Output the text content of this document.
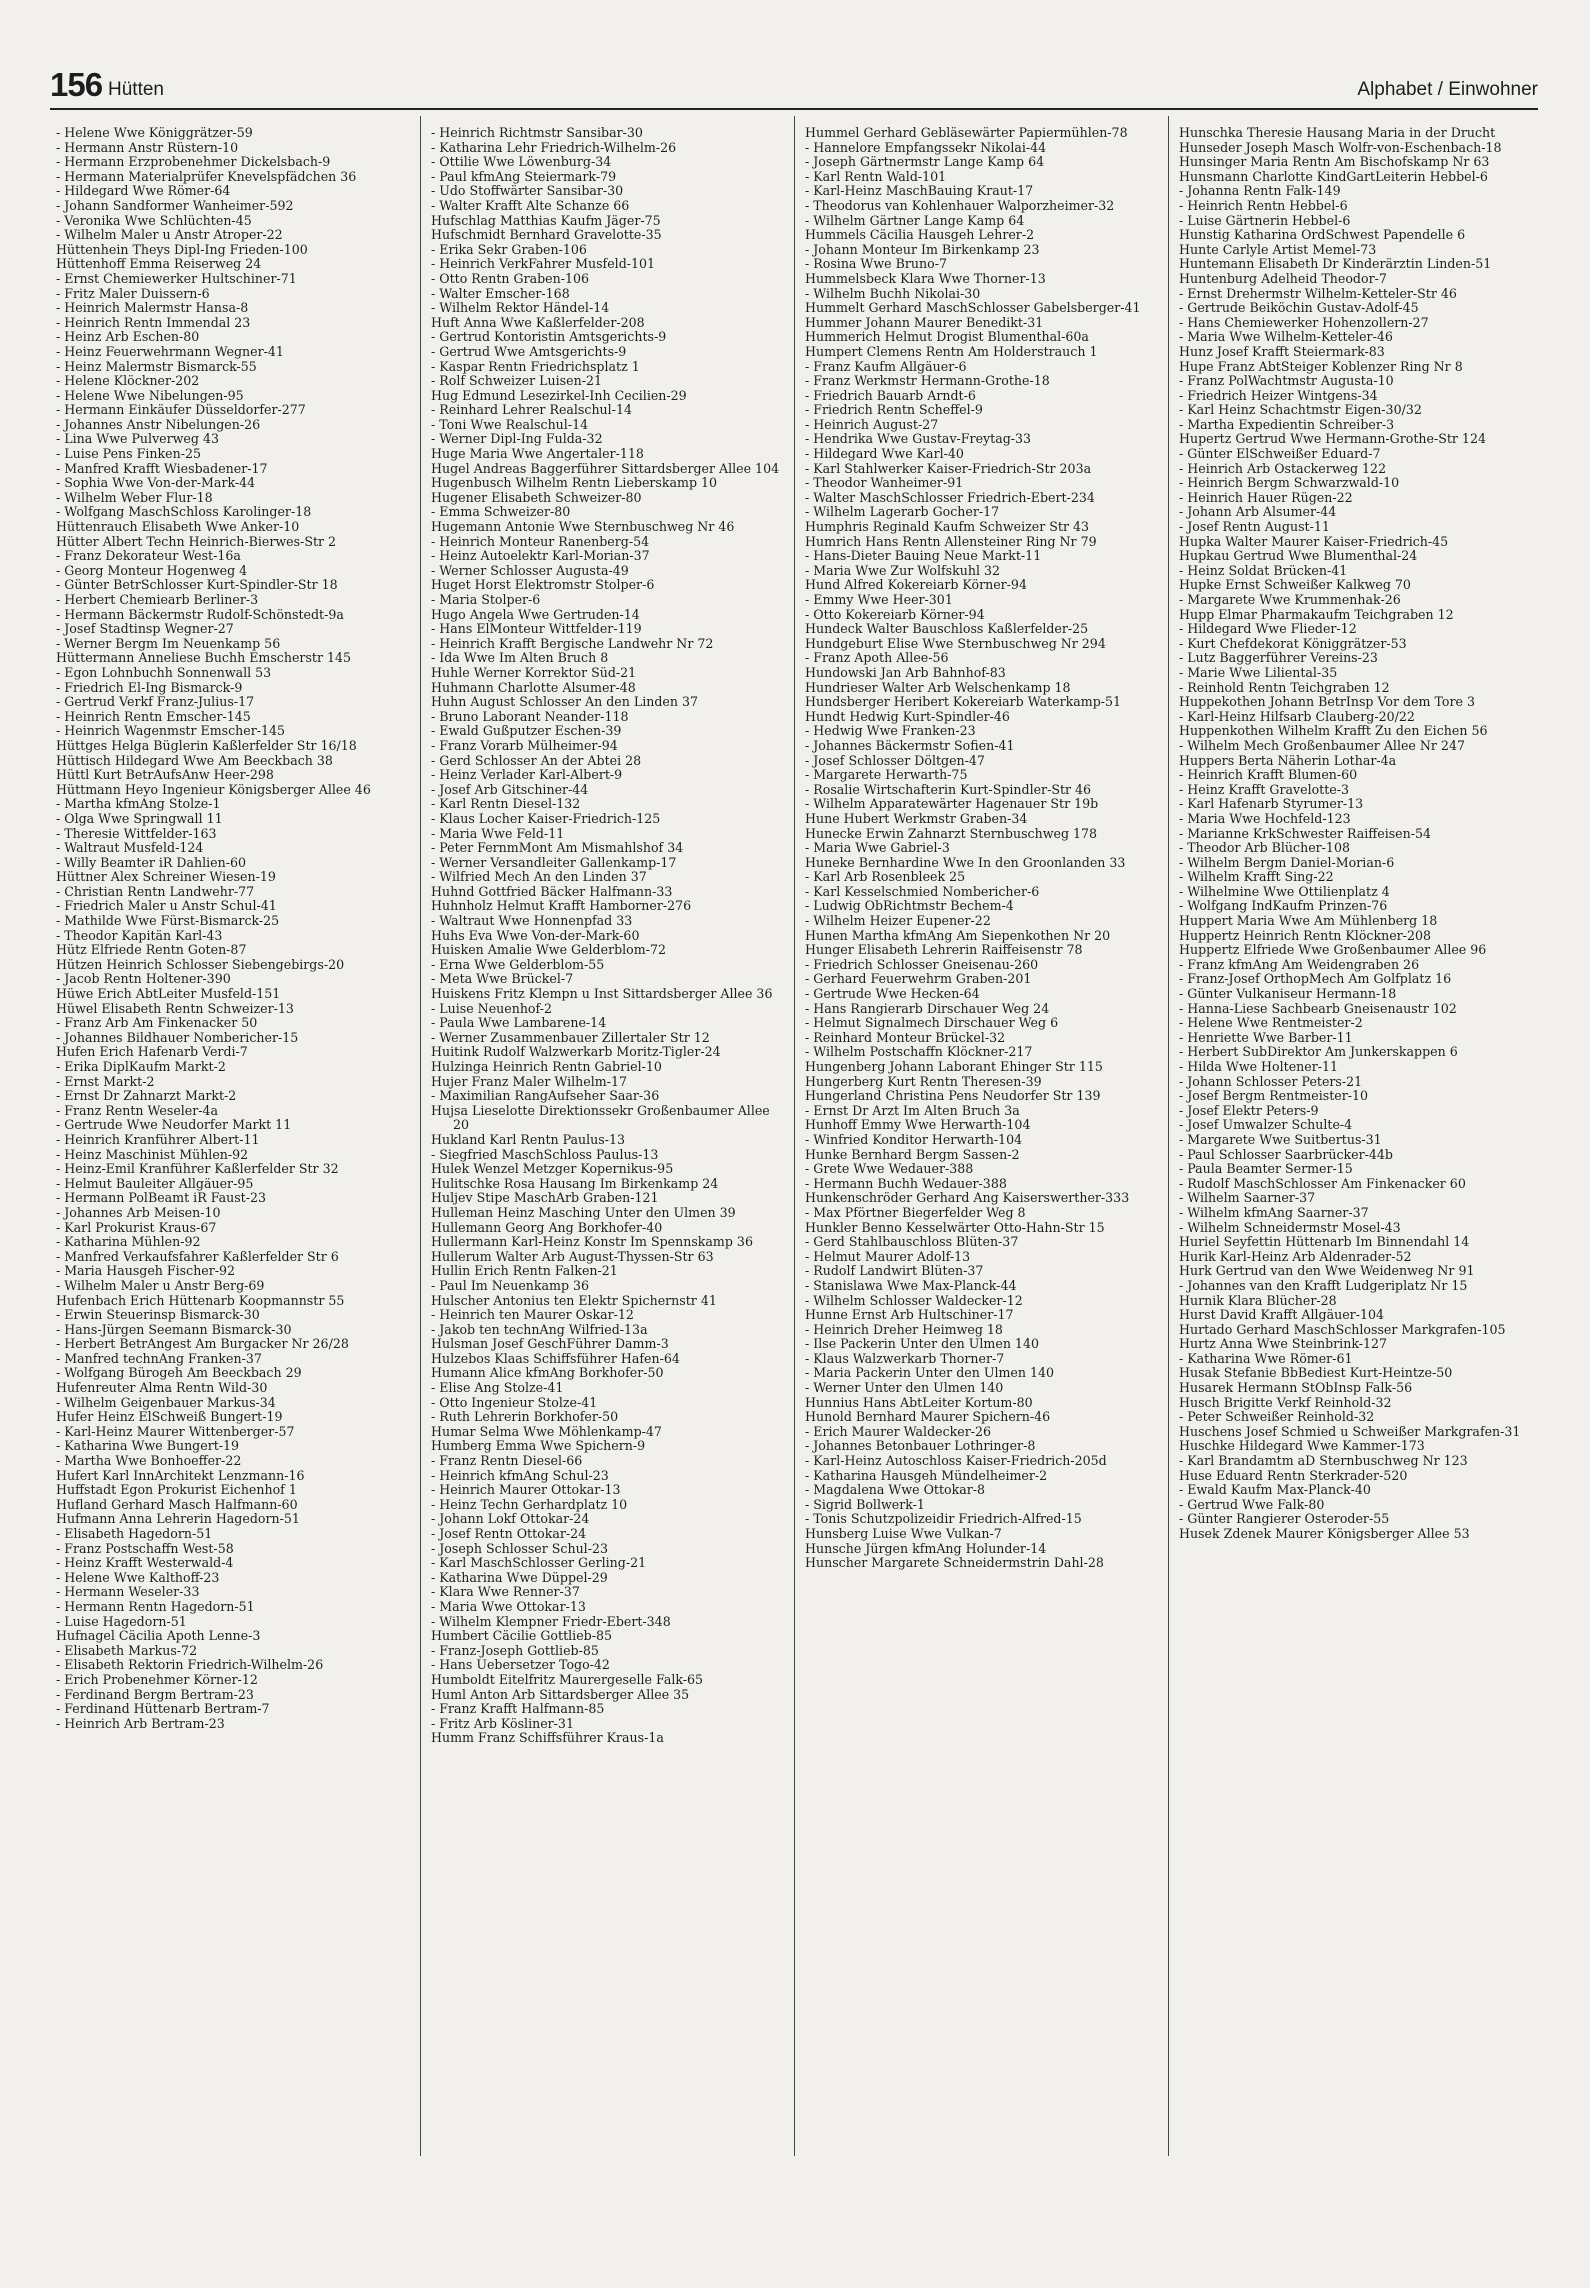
156 Hütten	Alphabet / Einwohner
- Helene Wwe Königgrätzer-59
- Hermann Anstr Rüstern-10
- Hermann Erzprobenehmer Dickelsbach-9
- Hermann Materialprüfer Knevelspfädchen 36
- Hildegard Wwe Römer-64
- Johann Sandformer Wanheimer-592
- Veronika Wwe Schlüchten-45
- Wilhelm Maler u Anstr Atroper-22
Hüttenhein Theys Dipl-Ing Frieden-100
Hüttenhoff Emma Reiserweg 24
- Ernst Chemiewerker Hultschiner-71
- Fritz Maler Duissern-6
- Heinrich Malermstr Hansa-8
- Heinrich Rentn Immendal 23
- Heinz Arb Eschen-80
- Heinz Feuerwehrmann Wegner-41
- Heinz Malermstr Bismarck-55
- Helene Klöckner-202
- Helene Wwe Nibelungen-95
- Hermann Einkäufer Düsseldorfer-277
- Johannes Anstr Nibelungen-26
- Lina Wwe Pulverweg 43
- Luise Pens Finken-25
- Manfred Krafft Wiesbadener-17
- Sophia Wwe Von-der-Mark-44
- Wilhelm Weber Flur-18
- Wolfgang MaschSchloss Karolinger-18
Hüttenrauch Elisabeth Wwe Anker-10
Hütter Albert Techn Heinrich-Bierwes-Str 2
- Franz Dekorateur West-16a
- Georg Monteur Hogenweg 4
- Günter BetrSchlosser Kurt-Spindler-Str 18
- Herbert Chemiearb Berliner-3
- Hermann Bäckermstr Rudolf-Schönstedt-9a
- Josef Stadtinsp Wegner-27
- Werner Bergm Im Neuenkamp 56
Hüttermann Anneliese Buchh Emscherstr 145
- Egon Lohnbuchh Sonnenwall 53
- Friedrich El-Ing Bismarck-9
- Gertrud Verkf Franz-Julius-17
- Heinrich Rentn Emscher-145
- Heinrich Wagenmstr Emscher-145
Hüttges Helga Büglerin Kaßlerfelder Str 16/18
Hüttisch Hildegard Wwe Am Beeckbach 38
Hüttl Kurt BetrAufsAnw Heer-298
Hüttmann Heyo Ingenieur Königsberger Allee 46
- Martha kfmAng Stolze-1
- Olga Wwe Springwall 11
- Theresie Wittfelder-163
- Waltraut Musfeld-124
- Willy Beamter iR Dahlien-60
Hüttner Alex Schreiner Wiesen-19
- Christian Rentn Landwehr-77
- Friedrich Maler u Anstr Schul-41
- Mathilde Wwe Fürst-Bismarck-25
- Theodor Kapitän Karl-43
Hütz Elfriede Rentn Goten-87
Hützen Heinrich Schlosser Siebengebirgs-20
- Jacob Rentn Holtener-390
Hüwe Erich AbtLeiter Musfeld-151
Hüwel Elisabeth Rentn Schweizer-13
- Franz Arb Am Finkenacker 50
- Johannes Bildhauer Nombericher-15
Hufen Erich Hafenarb Verdi-7
- Erika DiplKaufm Markt-2
- Ernst Markt-2
- Ernst Dr Zahnarzt Markt-2
- Franz Rentn Weseler-4a
- Gertrude Wwe Neudorfer Markt 11
- Heinrich Kranführer Albert-11
- Heinz Maschinist Mühlen-92
- Heinz-Emil Kranführer Kaßlerfelder Str 32
- Helmut Bauleiter Allgäuer-95
- Hermann PolBeamt iR Faust-23
- Johannes Arb Meisen-10
- Karl Prokurist Kraus-67
- Katharina Mühlen-92
- Manfred Verkaufsfahrer Kaßlerfelder Str 6
- Maria Hausgeh Fischer-92
- Wilhelm Maler u Anstr Berg-69
Hufenbach Erich Hüttenarb Koopmannstr 55
- Erwin Steuerinsp Bismarck-30
- Hans-Jürgen Seemann Bismarck-30
- Herbert BetrAngest Am Burgacker Nr 26/28
- Manfred technAng Franken-37
- Wolfgang Bürogeh Am Beeckbach 29
Hufenreuter Alma Rentn Wild-30
- Wilhelm Geigenbauer Markus-34
Hufer Heinz ElSchweiß Bungert-19
- Karl-Heinz Maurer Wittenberger-57
- Katharina Wwe Bungert-19
- Martha Wwe Bonhoeffer-22
Hufert Karl InnArchitekt Lenzmann-16
Huffstadt Egon Prokurist Eichenhof 1
Hufland Gerhard Masch Halfmann-60
Hufmann Anna Lehrerin Hagedorn-51
- Elisabeth Hagedorn-51
- Franz Postschaffn West-58
- Heinz Krafft Westerwald-4
- Helene Wwe Kalthoff-23
- Hermann Weseler-33
- Hermann Rentn Hagedorn-51
- Luise Hagedorn-51
Hufnagel Cäcilia Apoth Lenne-3
- Elisabeth Markus-72
- Elisabeth Rektorin Friedrich-Wilhelm-26
- Erich Probenehmer Körner-12
- Ferdinand Bergm Bertram-23
- Ferdinand Hüttenarb Bertram-7
- Heinrich Arb Bertram-23
- Heinrich Richtmstr Sansibar-30
- Katharina Lehr Friedrich-Wilhelm-26
- Ottilie Wwe Löwenburg-34
- Paul kfmAng Steiermark-79
- Udo Stoffwärter Sansibar-30
- Walter Krafft Alte Schanze 66
Hufschlag Matthias Kaufm Jäger-75
Hufschmidt Bernhard Gravelotte-35
- Erika Sekr Graben-106
- Heinrich VerkFahrer Musfeld-101
- Otto Rentn Graben-106
- Walter Emscher-168
- Wilhelm Rektor Händel-14
Huft Anna Wwe Kaßlerfelder-208
- Gertrud Kontoristin Amtsgerichts-9
- Gertrud Wwe Amtsgerichts-9
- Kaspar Rentn Friedrichsplatz 1
- Rolf Schweizer Luisen-21
Hug Edmund Lesezirkel-Inh Cecilien-29
- Reinhard Lehrer Realschul-14
- Toni Wwe Realschul-14
- Werner Dipl-Ing Fulda-32
Huge Maria Wwe Angertaler-118
Hugel Andreas Baggerführer Sittardsberger Allee 104
Hugenbusch Wilhelm Rentn Lieberskamp 10
Hugener Elisabeth Schweizer-80
- Emma Schweizer-80
Hugemann Antonie Wwe Sternbuschweg Nr 46
- Heinrich Monteur Ranenberg-54
- Heinz Autoelektr Karl-Morian-37
- Werner Schlosser Augusta-49
Huget Horst Elektromstr Stolper-6
- Maria Stolper-6
Hugo Angela Wwe Gertruden-14
- Hans ElMonteur Wittfelder-119
- Heinrich Krafft Bergische Landwehr Nr 72
- Ida Wwe Im Alten Bruch 8
Huhle Werner Korrektor Süd-21
Huhmann Charlotte Alsumer-48
Huhn August Schlosser An den Linden 37
- Bruno Laborant Neander-118
- Ewald Gußputzer Eschen-39
- Franz Vorarb Mülheimer-94
- Gerd Schlosser An der Abtei 28
- Heinz Verlader Karl-Albert-9
- Josef Arb Gitschiner-44
- Karl Rentn Diesel-132
- Klaus Locher Kaiser-Friedrich-125
- Maria Wwe Feld-11
- Peter FernmMont Am Mismahlshof 34
- Werner Versandleiter Gallenkamp-17
- Wilfried Mech An den Linden 37
Huhnd Gottfried Bäcker Halfmann-33
Huhnholz Helmut Krafft Hamborner-276
- Waltraut Wwe Honnenpfad 33
Huhs Eva Wwe Von-der-Mark-60
Huisken Amalie Wwe Gelderblom-72
- Erna Wwe Gelderblom-55
- Meta Wwe Brückel-7
Huiskens Fritz Klempn u Inst Sittardsberger Allee 36
- Luise Neuenhof-2
- Paula Wwe Lambarene-14
- Werner Zusammenbauer Zillertaler Str 12
Huitink Rudolf Walzwerkarb Moritz-Tigler-24
Hulzinga Heinrich Rentn Gabriel-10
Hujer Franz Maler Wilhelm-17
- Maximilian RangAufseher Saar-36
Hujsa Lieselotte Direktionssekr Großenbaumer Allee 20
Hukland Karl Rentn Paulus-13
- Siegfried MaschSchloss Paulus-13
Hulek Wenzel Metzger Kopernikus-95
Hulitschke Rosa Hausang Im Birkenkamp 24
Huljev Stipe MaschArb Graben-121
Hulleman Heinz Masching Unter den Ulmen 39
Hullemann Georg Ang Borkhofer-40
Hullermann Karl-Heinz Konstr Im Spennskamp 36
Hullerum Walter Arb August-Thyssen-Str 63
Hullin Erich Rentn Falken-21
- Paul Im Neuenkamp 36
Hulscher Antonius ten Elektr Spichernstr 41
- Heinrich ten Maurer Oskar-12
- Jakob ten technAng Wilfried-13a
Hulsman Josef GeschFührer Damm-3
Hulzebos Klaas Schiffsführer Hafen-64
Humann Alice kfmAng Borkhofer-50
- Elise Ang Stolze-41
- Otto Ingenieur Stolze-41
- Ruth Lehrerin Borkhofer-50
Humar Selma Wwe Möhlenkamp-47
Humberg Emma Wwe Spichern-9
- Franz Rentn Diesel-66
- Heinrich kfmAng Schul-23
- Heinrich Maurer Ottokar-13
- Heinz Techn Gerhardplatz 10
- Johann Lokf Ottokar-24
- Josef Rentn Ottokar-24
- Joseph Schlosser Schul-23
- Karl MaschSchlosser Gerling-21
- Katharina Wwe Düppel-29
- Klara Wwe Renner-37
- Maria Wwe Ottokar-13
- Wilhelm Klempner Friedr-Ebert-348
Humbert Cäcilie Gottlieb-85
- Franz-Joseph Gottlieb-85
- Hans Uebersetzer Togo-42
Humboldt Eitelfritz Maurergeselle Falk-65
Huml Anton Arb Sittardsberger Allee 35
- Franz Krafft Halfmann-85
- Fritz Arb Kösliner-31
Humm Franz Schiffsführer Kraus-1a
Hummel Gerhard Gebläsewärter Papiermühlen-78
- Hannelore Empfangssekr Nikolai-44
- Joseph Gärtnermstr Lange Kamp 64
- Karl Rentn Wald-101
- Karl-Heinz MaschBauing Kraut-17
- Theodorus van Kohlenhauer Walporzheimer-32
- Wilhelm Gärtner Lange Kamp 64
Hummels Cäcilia Hausgeh Lehrer-2
- Johann Monteur Im Birkenkamp 23
- Rosina Wwe Bruno-7
Hummelsbeck Klara Wwe Thorner-13
- Wilhelm Buchh Nikolai-30
Hummelt Gerhard MaschSchlosser Gabelsberger-41
Hummer Johann Maurer Benedikt-31
Hummerich Helmut Drogist Blumenthal-60a
Humpert Clemens Rentn Am Holderstrauch 1
- Franz Kaufm Allgäuer-6
- Franz Werkmstr Hermann-Grothe-18
- Friedrich Bauarb Arndt-6
- Friedrich Rentn Scheffel-9
- Heinrich August-27
- Hendrika Wwe Gustav-Freytag-33
- Hildegard Wwe Karl-40
- Karl Stahlwerker Kaiser-Friedrich-Str 203a
- Theodor Wanheimer-91
- Walter MaschSchlosser Friedrich-Ebert-234
- Wilhelm Lagerarb Gocher-17
Humphris Reginald Kaufm Schweizer Str 43
Humrich Hans Rentn Allensteiner Ring Nr 79
- Hans-Dieter Bauing Neue Markt-11
- Maria Wwe Zur Wolfskuhl 32
Hund Alfred Kokereiarb Körner-94
- Emmy Wwe Heer-301
- Otto Kokereiarb Körner-94
Hundeck Walter Bauschloss Kaßlerfelder-25
Hundgeburt Elise Wwe Sternbuschweg Nr 294
- Franz Apoth Allee-56
Hundowski Jan Arb Bahnhof-83
Hundrieser Walter Arb Welschenkamp 18
Hundsberger Heribert Kokereiarb Waterkamp-51
Hundt Hedwig Kurt-Spindler-46
- Hedwig Wwe Franken-23
- Johannes Bäckermstr Sofien-41
- Josef Schlosser Döltgen-47
- Margarete Herwarth-75
- Rosalie Wirtschafterin Kurt-Spindler-Str 46
- Wilhelm Apparatewärter Hagenauer Str 19b
Hune Hubert Werkmstr Graben-34
Hunecke Erwin Zahnarzt Sternbuschweg 178
- Maria Wwe Gabriel-3
Huneke Bernhardine Wwe In den Groonlanden 33
- Karl Arb Rosenbleek 25
- Karl Kesselschmied Nombericher-6
- Ludwig ObRichtmstr Bechem-4
- Wilhelm Heizer Eupener-22
Hunen Martha kfmAng Am Siepenkothen Nr 20
Hunger Elisabeth Lehrerin Raiffeisenstr 78
- Friedrich Schlosser Gneisenau-260
- Gerhard Feuerwehrm Graben-201
- Gertrude Wwe Hecken-64
- Hans Rangierarb Dirschauer Weg 24
- Helmut Signalmech Dirschauer Weg 6
- Reinhard Monteur Brückel-32
- Wilhelm Postschaffn Klöckner-217
Hungenberg Johann Laborant Ehinger Str 115
Hungerberg Kurt Rentn Theresen-39
Hungerland Christina Pens Neudorfer Str 139
- Ernst Dr Arzt Im Alten Bruch 3a
Hunhoff Emmy Wwe Herwarth-104
- Winfried Konditor Herwarth-104
Hunke Bernhard Bergm Sassen-2
- Grete Wwe Wedauer-388
- Hermann Buchh Wedauer-388
Hunkenschröder Gerhard Ang Kaiserswerther-333
- Max Pförtner Biegerfelder Weg 8
Hunkler Benno Kesselwärter Otto-Hahn-Str 15
- Gerd Stahlbauschloss Blüten-37
- Helmut Maurer Adolf-13
- Rudolf Landwirt Blüten-37
- Stanislawa Wwe Max-Planck-44
- Wilhelm Schlosser Waldecker-12
Hunne Ernst Arb Hultschiner-17
- Heinrich Dreher Heimweg 18
- Ilse Packerin Unter den Ulmen 140
- Klaus Walzwerkarb Thorner-7
- Maria Packerin Unter den Ulmen 140
- Werner Unter den Ulmen 140
Hunnius Hans AbtLeiter Kortum-80
Hunold Bernhard Maurer Spichern-46
- Erich Maurer Waldecker-26
- Johannes Betonbauer Lothringer-8
- Karl-Heinz Autoschloss Kaiser-Friedrich-205d
- Katharina Hausgeh Mündelheimer-2
- Magdalena Wwe Ottokar-8
- Sigrid Bollwerk-1
- Tonis Schutzpolizeidir Friedrich-Alfred-15
Hunsberg Luise Wwe Vulkan-7
Hunsche Jürgen kfmAng Holunder-14
Hunscher Margarete Schneidermstrin Dahl-28
Hunschka Theresie Hausang Maria in der Drucht
Hunseder Joseph Masch Wolfr-von-Eschenbach-18
Hunsinger Maria Rentn Am Bischofskamp Nr 63
Hunsmann Charlotte KindGartLeiterin Hebbel-6
- Johanna Rentn Falk-149
- Heinrich Rentn Hebbel-6
- Luise Gärtnerin Hebbel-6
Hunstig Katharina OrdSchwest Papendelle 6
Hunte Carlyle Artist Memel-73
Huntemann Elisabeth Dr Kinderärztin Linden-51
Huntenburg Adelheid Theodor-7
- Ernst Drehermstr Wilhelm-Ketteler-Str 46
- Gertrude Beiköchin Gustav-Adolf-45
- Hans Chemiewerker Hohenzollern-27
- Maria Wwe Wilhelm-Ketteler-46
Hunz Josef Krafft Steiermark-83
Hupe Franz AbtSteiger Koblenzer Ring Nr 8
- Franz PolWachtmstr Augusta-10
- Friedrich Heizer Wintgens-34
- Karl Heinz Schachtmstr Eigen-30/32
- Martha Expedientin Schreiber-3
Hupertz Gertrud Wwe Hermann-Grothe-Str 124
- Günter ElSchweißer Eduard-7
- Heinrich Arb Ostackerweg 122
- Heinrich Bergm Schwarzwald-10
- Heinrich Hauer Rügen-22
- Johann Arb Alsumer-44
- Josef Rentn August-11
Hupka Walter Maurer Kaiser-Friedrich-45
Hupkau Gertrud Wwe Blumenthal-24
- Heinz Soldat Brücken-41
Hupke Ernst Schweißer Kalkweg 70
- Margarete Wwe Krummenhak-26
Hupp Elmar Pharmakaufm Teichgraben 12
- Hildegard Wwe Flieder-12
- Kurt Chefdekorat Königgrätzer-53
- Lutz Baggerführer Vereins-23
- Marie Wwe Liliental-35
- Reinhold Rentn Teichgraben 12
Huppekothen Johann BetrInsp Vor dem Tore 3
- Karl-Heinz Hilfsarb Clauberg-20/22
Huppenkothen Wilhelm Krafft Zu den Eichen 56
- Wilhelm Mech Großenbaumer Allee Nr 247
Huppers Berta Näherin Lothar-4a
- Heinrich Krafft Blumen-60
- Heinz Krafft Gravelotte-3
- Karl Hafenarb Styrumer-13
- Maria Wwe Hochfeld-123
- Marianne KrkSchwester Raiffeisen-54
- Theodor Arb Blücher-108
- Wilhelm Bergm Daniel-Morian-6
- Wilhelm Krafft Sing-22
- Wilhelmine Wwe Ottilienplatz 4
- Wolfgang IndKaufm Prinzen-76
Huppert Maria Wwe Am Mühlenberg 18
Huppertz Heinrich Rentn Klöckner-208
Huppertz Elfriede Wwe Großenbaumer Allee 96
- Franz kfmAng Am Weidengraben 26
- Franz-Josef OrthopMech Am Golfplatz 16
- Günter Vulkaniseur Hermann-18
- Hanna-Liese Sachbearb Gneisenaustr 102
- Helene Wwe Rentmeister-2
- Henriette Wwe Barber-11
- Herbert SubDirektor Am Junkerskappen 6
- Hilda Wwe Holtener-11
- Johann Schlosser Peters-21
- Josef Bergm Rentmeister-10
- Josef Elektr Peters-9
- Josef Umwalzer Schulte-4
- Margarete Wwe Suitbertus-31
- Paul Schlosser Saarbrücker-44b
- Paula Beamter Sermer-15
- Rudolf MaschSchlosser Am Finkenacker 60
- Wilhelm Saarner-37
- Wilhelm kfmAng Saarner-37
- Wilhelm Schneidermstr Mosel-43
Huriel Seyfettin Hüttenarb Im Binnendahl 14
Hurik Karl-Heinz Arb Aldenrader-52
Hurk Gertrud van den Wwe Weidenweg Nr 91
- Johannes van den Krafft Ludgeriplatz Nr 15
Hurnik Klara Blücher-28
Hurst David Krafft Allgäuer-104
Hurtado Gerhard MaschSchlosser Markgrafen-105
Hurtz Anna Wwe Steinbrink-127
- Katharina Wwe Römer-61
Husak Stefanie BbBediest Kurt-Heintze-50
Husarek Hermann StObInsp Falk-56
Husch Brigitte Verkf Reinhold-32
- Peter Schweißer Reinhold-32
Huschens Josef Schmied u Schweißer Markgrafen-31
Huschke Hildegard Wwe Kammer-173
- Karl Brandamtm aD Sternbuschweg Nr 123
Huse Eduard Rentn Sterkrader-520
- Ewald Kaufm Max-Planck-40
- Gertrud Wwe Falk-80
- Günter Rangierer Osteroder-55
Husek Zdenek Maurer Königsberger Allee 53
